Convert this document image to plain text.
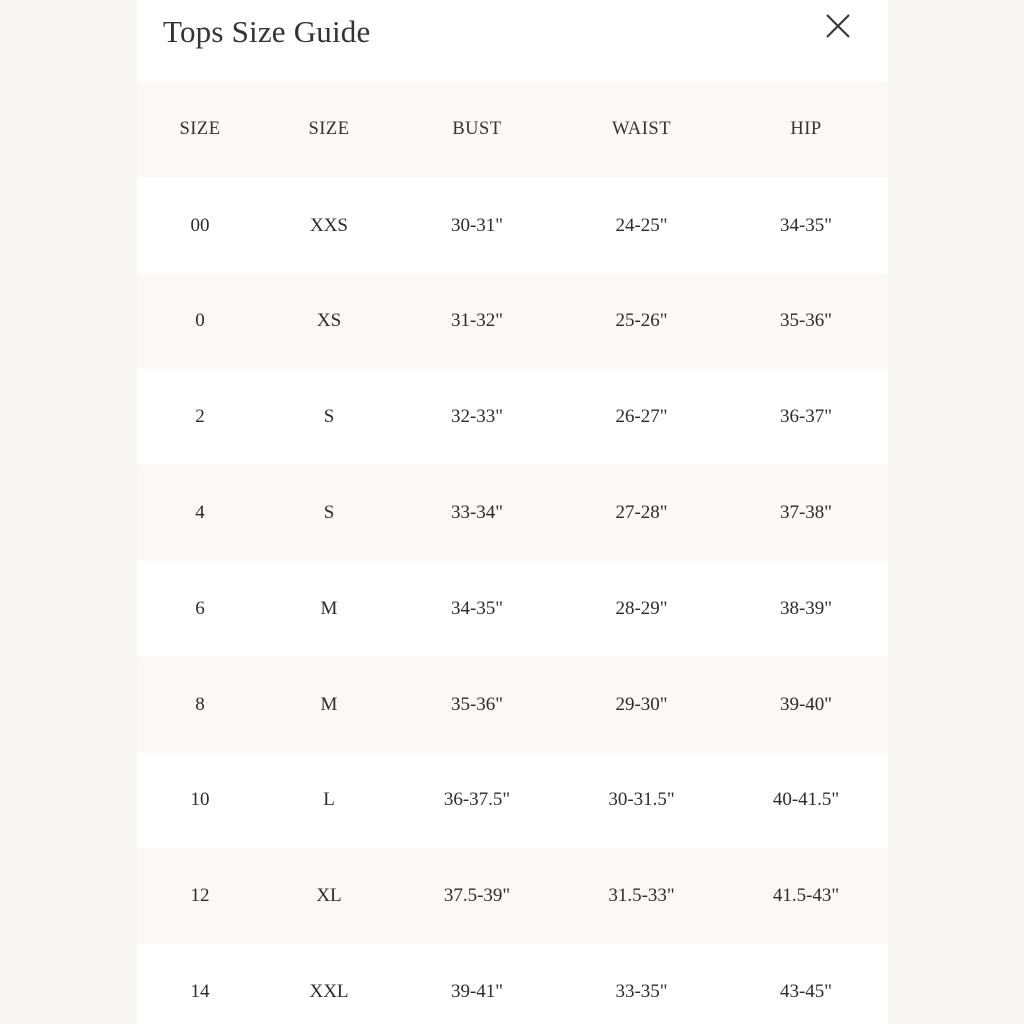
Tops Size Guide
SIZE	SIZE	BUST	WAIST	HIP
00	XXS	30-31"	24-25"	34-35"
0	XS	31-32"	25-26"	35-36"
2	S	32-33"	26-27"	36-37"
4	S	33-34"	27-28"	37-38"
6	M	34-35"	28-29"	38-39"
8	M	35-36"	29-30"	39-40"
10	L	36-37.5"	30-31.5"	40-41.5"
12	XL	37.5-39"	31.5-33"	41.5-43"
14	XXL	39-41"	33-35"	43-45"
